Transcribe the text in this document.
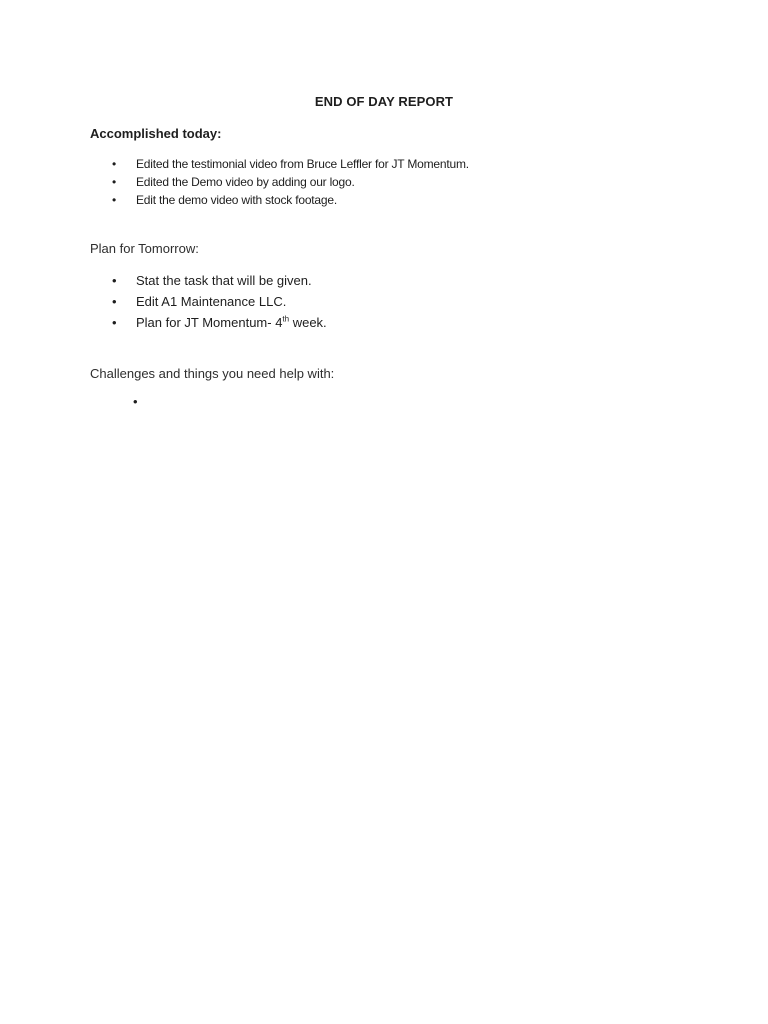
END OF DAY REPORT
Accomplished today:
• Edited the testimonial video from Bruce Leffler for JT Momentum.
• Edited the Demo video by adding our logo.
• Edit the demo video with stock footage.
Plan for Tomorrow:
• Stat the task that will be given.
• Edit A1 Maintenance LLC.
• Plan for JT Momentum- 4th week.
Challenges and things you need help with:
•
